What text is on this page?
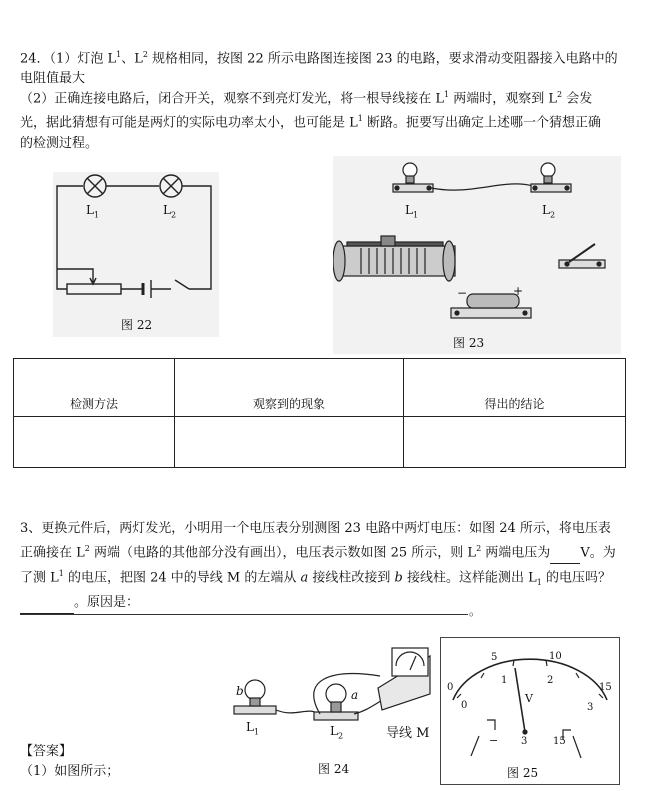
24．（1）灯泡 $L^1$、$L^2$ 规格相同，按图 22 所示电路图连接图 23 的电路，要求滑动变阻器接入电路中的
电阻值最大
（2）正确连接电路后，闭合开关，观察不到亮灯发光，将一根导线接在 $L^1$ 两端时，观察到 $L^2$ 会发
光，据此猜想有可能是两灯的实际电功率太小，也可能是 $L^1$ 断路。扼要写出确定上述哪一个猜想正确
的检测过程。
$L_1$	$L_2$
图 22
$L_1$	$L_2$
−	+
图 23
检测方法	观察到的现象	得出的结论

3、更换元件后，两灯发光，小明用一个电压表分别测图 23 电路中两灯电压：如图 24 所示，将电压表
正确接在 $L^2$ 两端（电路的其他部分没有画出），电压表示数如图 25 所示，则 $L^2$ 两端电压为 V。为
了测 $L^1$ 的电压，把图 24 中的导线 M 的左端从 a 接线柱改接到 b 接线柱。这样能测出 $L_1$ 的电压吗？
。原因是：
。
b	a
$L_1$	$L_2$	导线 M
图 24
0
5	10
15
0
1	2
3
V
− 3	15
图 25
【答案】
（1）如图所示；
